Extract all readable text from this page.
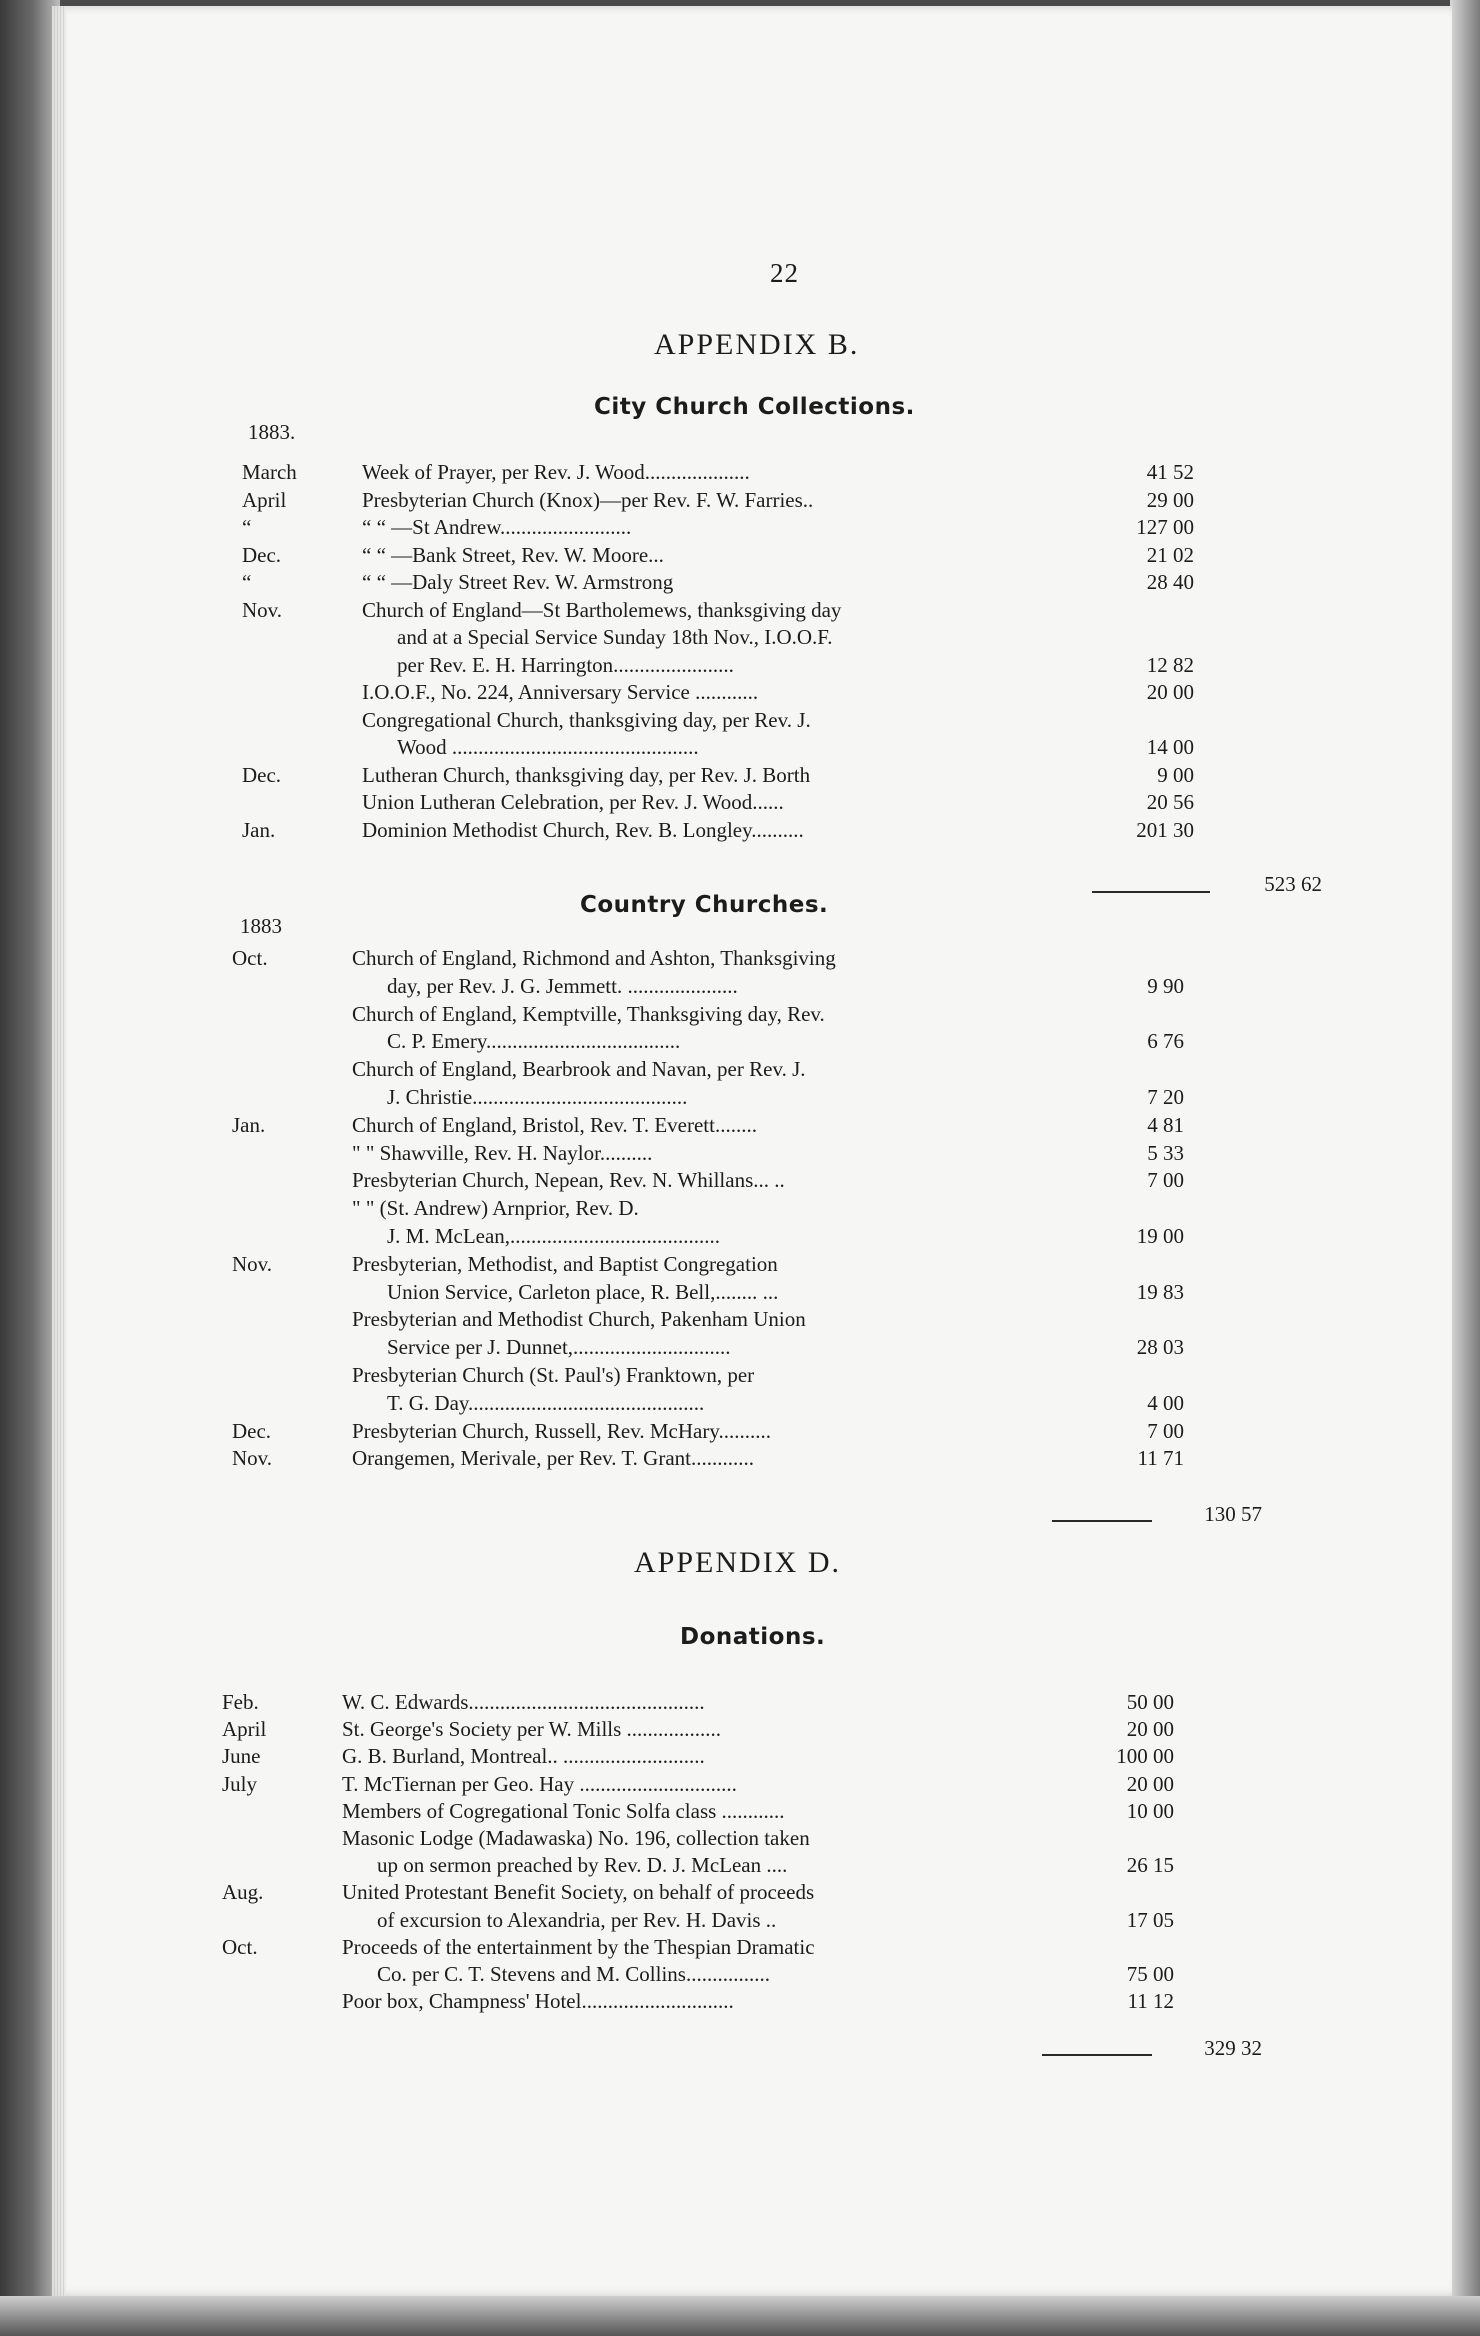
22
APPENDIX B.
City Church Collections.
1883.
March	Week of Prayer, per Rev. J. Wood....................	41 52
April	Presbyterian Church (Knox)—per Rev. F. W. Farries..	29 00
“	“ “ —St Andrew.........................	127 00
Dec.	“ “ —Bank Street, Rev. W. Moore...	21 02
“	“ “ —Daly Street Rev. W. Armstrong	28 40
Nov.	Church of England—St Bartholemews, thanksgiving day
and at a Special Service Sunday 18th Nov., I.O.O.F.
per Rev. E. H. Harrington.......................	12 82
I.O.O.F., No. 224, Anniversary Service ............	20 00
Congregational Church, thanksgiving day, per Rev. J.
Wood ...............................................	14 00
Dec.	Lutheran Church, thanksgiving day, per Rev. J. Borth	9 00
Union Lutheran Celebration, per Rev. J. Wood......	20 56
Jan.	Dominion Methodist Church, Rev. B. Longley..........	201 30
523 62
Country Churches.
1883
Oct.	Church of England, Richmond and Ashton, Thanksgiving
day, per Rev. J. G. Jemmett. .....................	9 90
Church of England, Kemptville, Thanksgiving day, Rev.
C. P. Emery.....................................	6 76
Church of England, Bearbrook and Navan, per Rev. J.
J. Christie.........................................	7 20
Jan.	Church of England, Bristol, Rev. T. Everett........	4 81
" " Shawville, Rev. H. Naylor..........	5 33
Presbyterian Church, Nepean, Rev. N. Whillans... ..	7 00
" " (St. Andrew) Arnprior, Rev. D.
J. M. McLean,........................................	19 00
Nov.	Presbyterian, Methodist, and Baptist Congregation
Union Service, Carleton place, R. Bell,........ ...	19 83
Presbyterian and Methodist Church, Pakenham Union
Service per J. Dunnet,..............................	28 03
Presbyterian Church (St. Paul's) Franktown, per
T. G. Day.............................................	4 00
Dec.	Presbyterian Church, Russell, Rev. McHary..........	7 00
Nov.	Orangemen, Merivale, per Rev. T. Grant............	11 71
130 57
APPENDIX D.
Donations.
Feb.	W. C. Edwards.............................................	50 00
April	St. George's Society per W. Mills ..................	20 00
June	G. B. Burland, Montreal.. ...........................	100 00
July	T. McTiernan per Geo. Hay ..............................	20 00
Members of Cogregational Tonic Solfa class ............	10 00
Masonic Lodge (Madawaska) No. 196, collection taken
up on sermon preached by Rev. D. J. McLean ....	26 15
Aug.	United Protestant Benefit Society, on behalf of proceeds
of excursion to Alexandria, per Rev. H. Davis ..	17 05
Oct.	Proceeds of the entertainment by the Thespian Dramatic
Co. per C. T. Stevens and M. Collins................	75 00
Poor box, Champness' Hotel.............................	11 12
329 32
